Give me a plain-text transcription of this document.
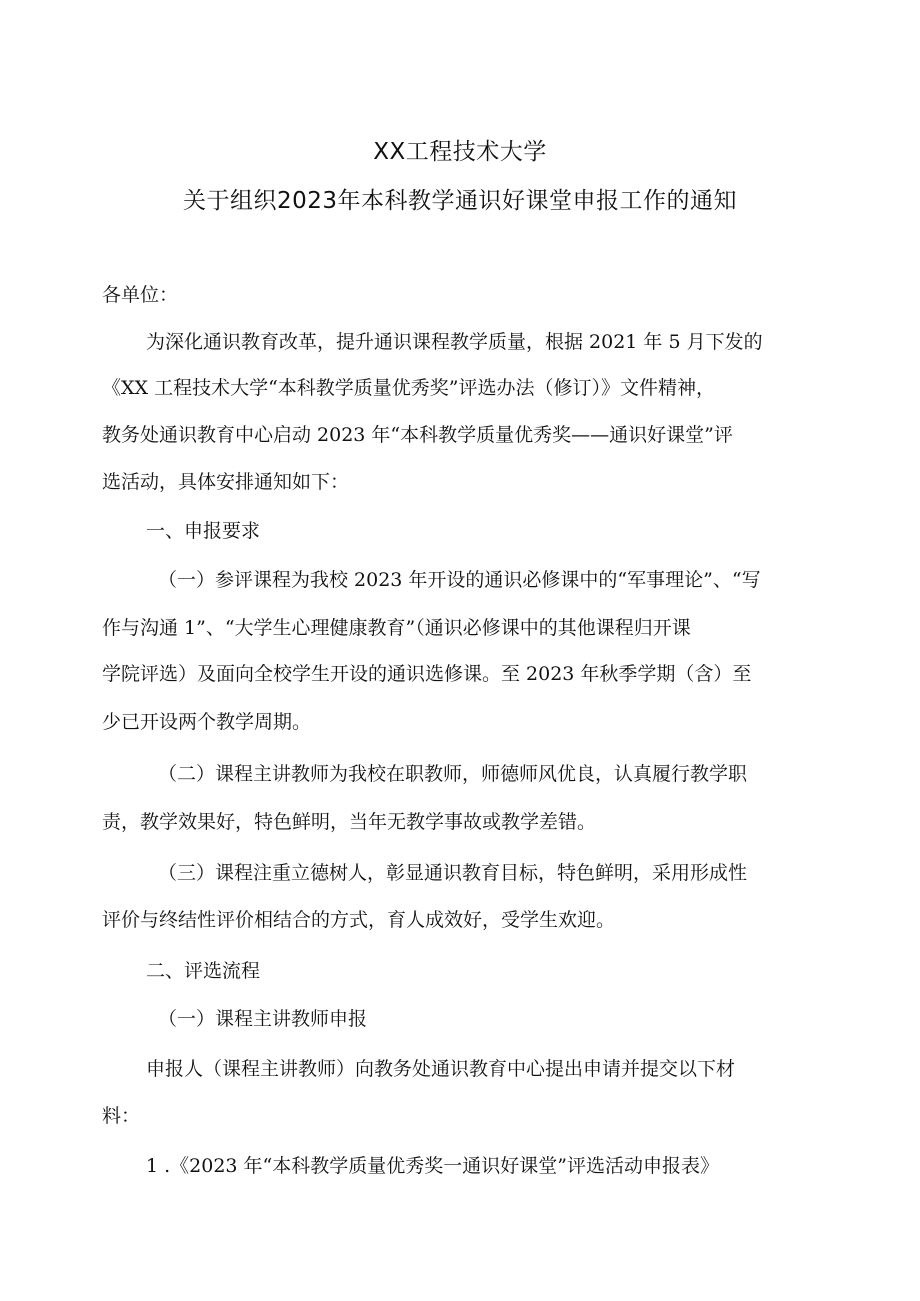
XX工程技术大学
关于组织2023年本科教学通识好课堂申报工作的通知
各单位：
为深化通识教育改革，提升通识课程教学质量，根据 2021 年 5 月下发的
《XX 工程技术大学“本科教学质量优秀奖”评选办法（修订）》文件精神，
教务处通识教育中心启动 2023 年“本科教学质量优秀奖——通识好课堂”评
选活动，具体安排通知如下：
一、申报要求
（一）参评课程为我校 2023 年开设的通识必修课中的“军事理论”、“写
作与沟通 1”、“大学生心理健康教育”（通识必修课中的其他课程归开课
学院评选）及面向全校学生开设的通识选修课。至 2023 年秋季学期（含）至
少已开设两个教学周期。
（二）课程主讲教师为我校在职教师，师德师风优良，认真履行教学职
责，教学效果好，特色鲜明，当年无教学事故或教学差错。
（三）课程注重立德树人，彰显通识教育目标，特色鲜明，采用形成性
评价与终结性评价相结合的方式，育人成效好，受学生欢迎。
二、评选流程
（一）课程主讲教师申报
申报人（课程主讲教师）向教务处通识教育中心提出申请并提交以下材
料：
1 .《2023 年“本科教学质量优秀奖一通识好课堂”评选活动申报表》
